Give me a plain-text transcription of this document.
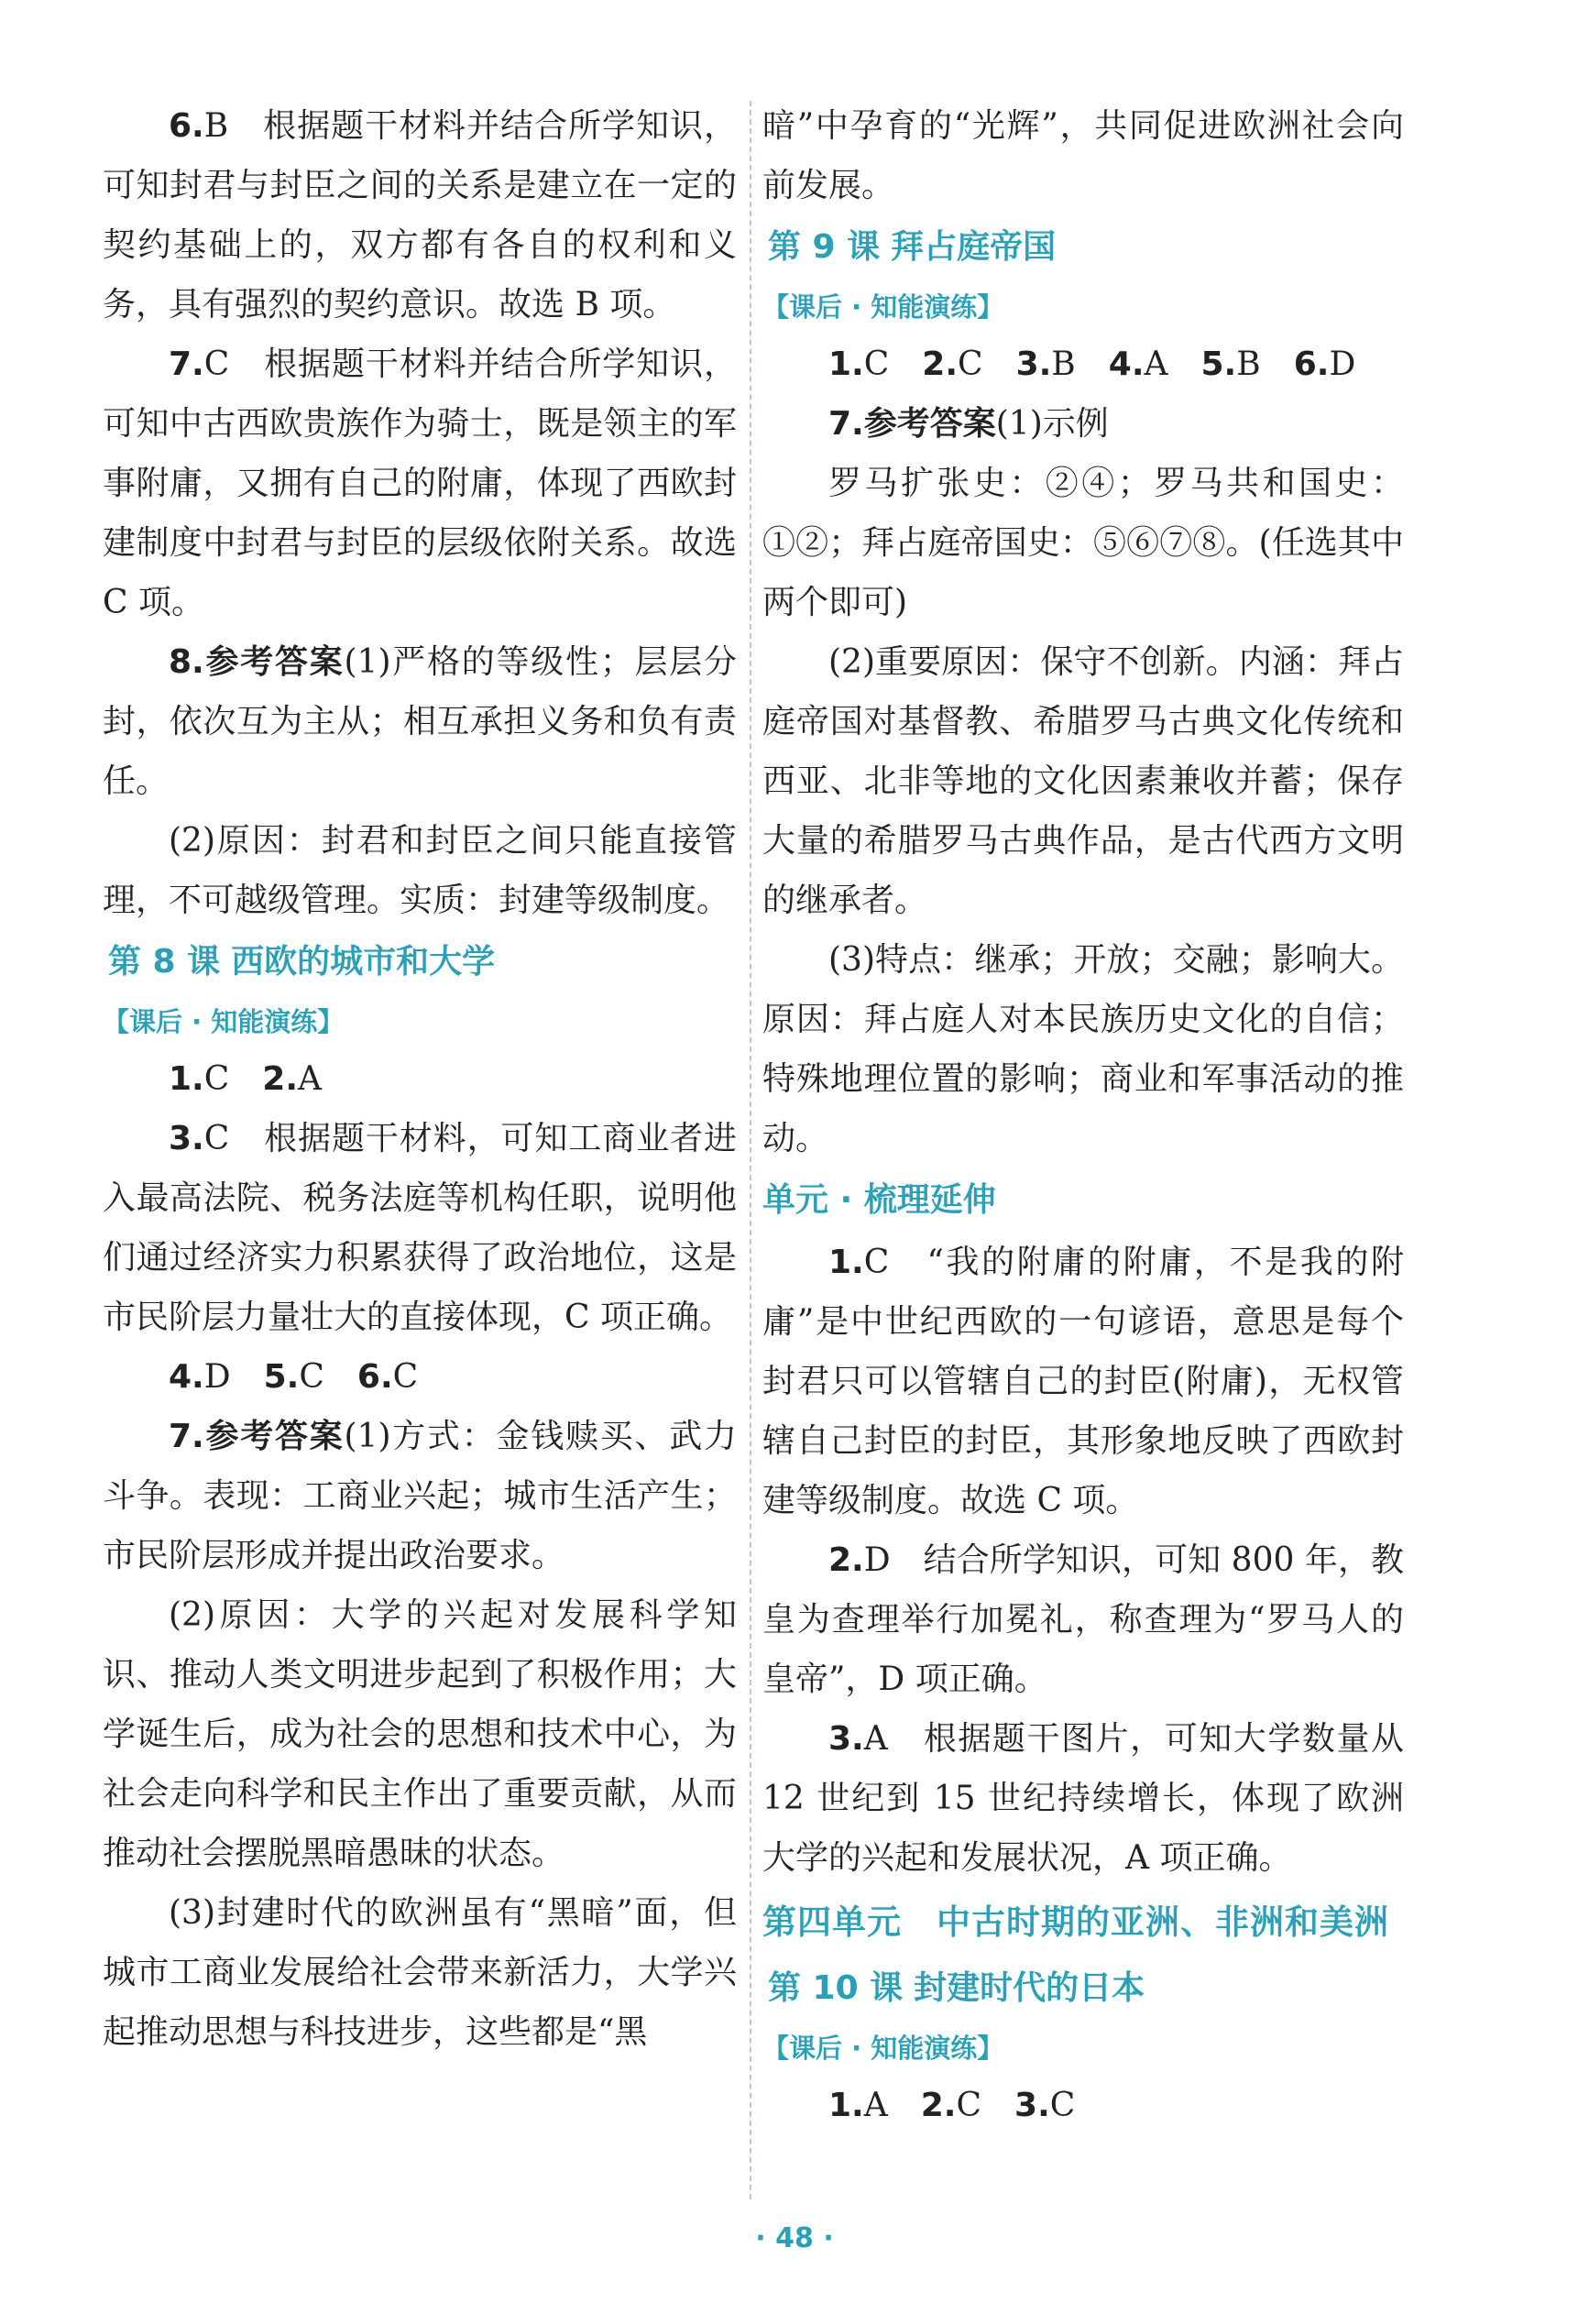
6.B　根据题干材料并结合所学知识，可知封君与封臣之间的关系是建立在一定的契约基础上的，双方都有各自的权利和义务，具有强烈的契约意识。故选 B 项。

7.C　根据题干材料并结合所学知识，可知中古西欧贵族作为骑士，既是领主的军事附庸，又拥有自己的附庸，体现了西欧封建制度中封君与封臣的层级依附关系。故选 C 项。

8.参考答案(1)严格的等级性；层层分封，依次互为主从；相互承担义务和负有责任。

(2)原因：封君和封臣之间只能直接管理，不可越级管理。实质：封建等级制度。

第 8 课 西欧的城市和大学

【课后 · 知能演练】

1.C 2.A

3.C　根据题干材料，可知工商业者进入最高法院、税务法庭等机构任职，说明他们通过经济实力积累获得了政治地位，这是市民阶层力量壮大的直接体现，C 项正确。

4.D 5.C 6.C

7.参考答案(1)方式：金钱赎买、武力斗争。表现：工商业兴起；城市生活产生；市民阶层形成并提出政治要求。

(2)原因：大学的兴起对发展科学知识、推动人类文明进步起到了积极作用；大学诞生后，成为社会的思想和技术中心，为社会走向科学和民主作出了重要贡献，从而推动社会摆脱黑暗愚昧的状态。

(3)封建时代的欧洲虽有“黑暗”面，但城市工商业发展给社会带来新活力，大学兴起推动思想与科技进步，这些都是“黑

暗”中孕育的“光辉”，共同促进欧洲社会向前发展。

第 9 课 拜占庭帝国

【课后 · 知能演练】

1.C 2.C 3.B 4.A 5.B 6.D

7.参考答案(1)示例

罗马扩张史：②④；罗马共和国史：①②；拜占庭帝国史：⑤⑥⑦⑧。(任选其中两个即可)

(2)重要原因：保守不创新。内涵：拜占庭帝国对基督教、希腊罗马古典文化传统和西亚、北非等地的文化因素兼收并蓄；保存大量的希腊罗马古典作品，是古代西方文明的继承者。

(3)特点：继承；开放；交融；影响大。原因：拜占庭人对本民族历史文化的自信；特殊地理位置的影响；商业和军事活动的推动。

单元 · 梳理延伸

1.C　“我的附庸的附庸，不是我的附庸”是中世纪西欧的一句谚语，意思是每个封君只可以管辖自己的封臣(附庸)，无权管辖自己封臣的封臣，其形象地反映了西欧封建等级制度。故选 C 项。

2.D　结合所学知识，可知 800 年，教皇为查理举行加冕礼，称查理为“罗马人的皇帝”，D 项正确。

3.A　根据题干图片，可知大学数量从 12 世纪到 15 世纪持续增长，体现了欧洲大学的兴起和发展状况，A 项正确。

第四单元　中古时期的亚洲、非洲和美洲

第 10 课 封建时代的日本

【课后 · 知能演练】

1.A 2.C 3.C

· 48 ·
